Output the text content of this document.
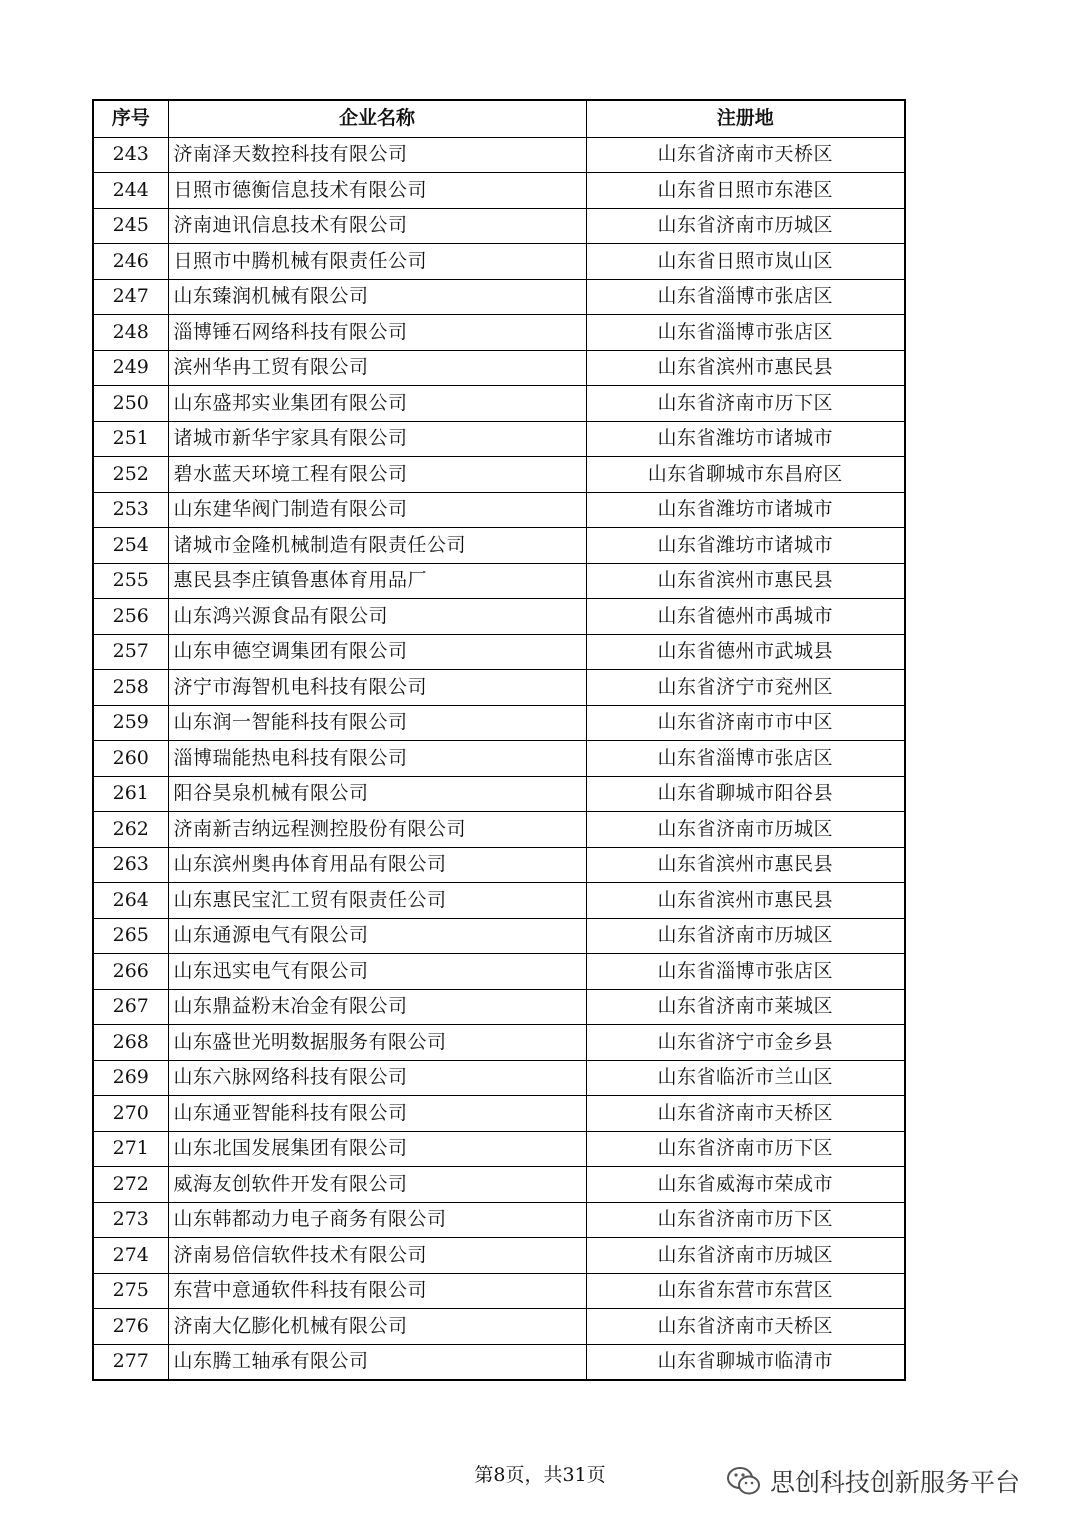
序号	企业名称	注册地
243	济南泽天数控科技有限公司	山东省济南市天桥区
244	日照市德衡信息技术有限公司	山东省日照市东港区
245	济南迪讯信息技术有限公司	山东省济南市历城区
246	日照市中腾机械有限责任公司	山东省日照市岚山区
247	山东臻润机械有限公司	山东省淄博市张店区
248	淄博锤石网络科技有限公司	山东省淄博市张店区
249	滨州华冉工贸有限公司	山东省滨州市惠民县
250	山东盛邦实业集团有限公司	山东省济南市历下区
251	诸城市新华宇家具有限公司	山东省潍坊市诸城市
252	碧水蓝天环境工程有限公司	山东省聊城市东昌府区
253	山东建华阀门制造有限公司	山东省潍坊市诸城市
254	诸城市金隆机械制造有限责任公司	山东省潍坊市诸城市
255	惠民县李庄镇鲁惠体育用品厂	山东省滨州市惠民县
256	山东鸿兴源食品有限公司	山东省德州市禹城市
257	山东申德空调集团有限公司	山东省德州市武城县
258	济宁市海智机电科技有限公司	山东省济宁市兖州区
259	山东润一智能科技有限公司	山东省济南市市中区
260	淄博瑞能热电科技有限公司	山东省淄博市张店区
261	阳谷昊泉机械有限公司	山东省聊城市阳谷县
262	济南新吉纳远程测控股份有限公司	山东省济南市历城区
263	山东滨州奥冉体育用品有限公司	山东省滨州市惠民县
264	山东惠民宝汇工贸有限责任公司	山东省滨州市惠民县
265	山东通源电气有限公司	山东省济南市历城区
266	山东迅实电气有限公司	山东省淄博市张店区
267	山东鼎益粉末冶金有限公司	山东省济南市莱城区
268	山东盛世光明数据服务有限公司	山东省济宁市金乡县
269	山东六脉网络科技有限公司	山东省临沂市兰山区
270	山东通亚智能科技有限公司	山东省济南市天桥区
271	山东北国发展集团有限公司	山东省济南市历下区
272	威海友创软件开发有限公司	山东省威海市荣成市
273	山东韩都动力电子商务有限公司	山东省济南市历下区
274	济南易倍信软件技术有限公司	山东省济南市历城区
275	东营中意通软件科技有限公司	山东省东营市东营区
276	济南大亿膨化机械有限公司	山东省济南市天桥区
277	山东腾工轴承有限公司	山东省聊城市临清市
第8页，共31页	思创科技创新服务平台
